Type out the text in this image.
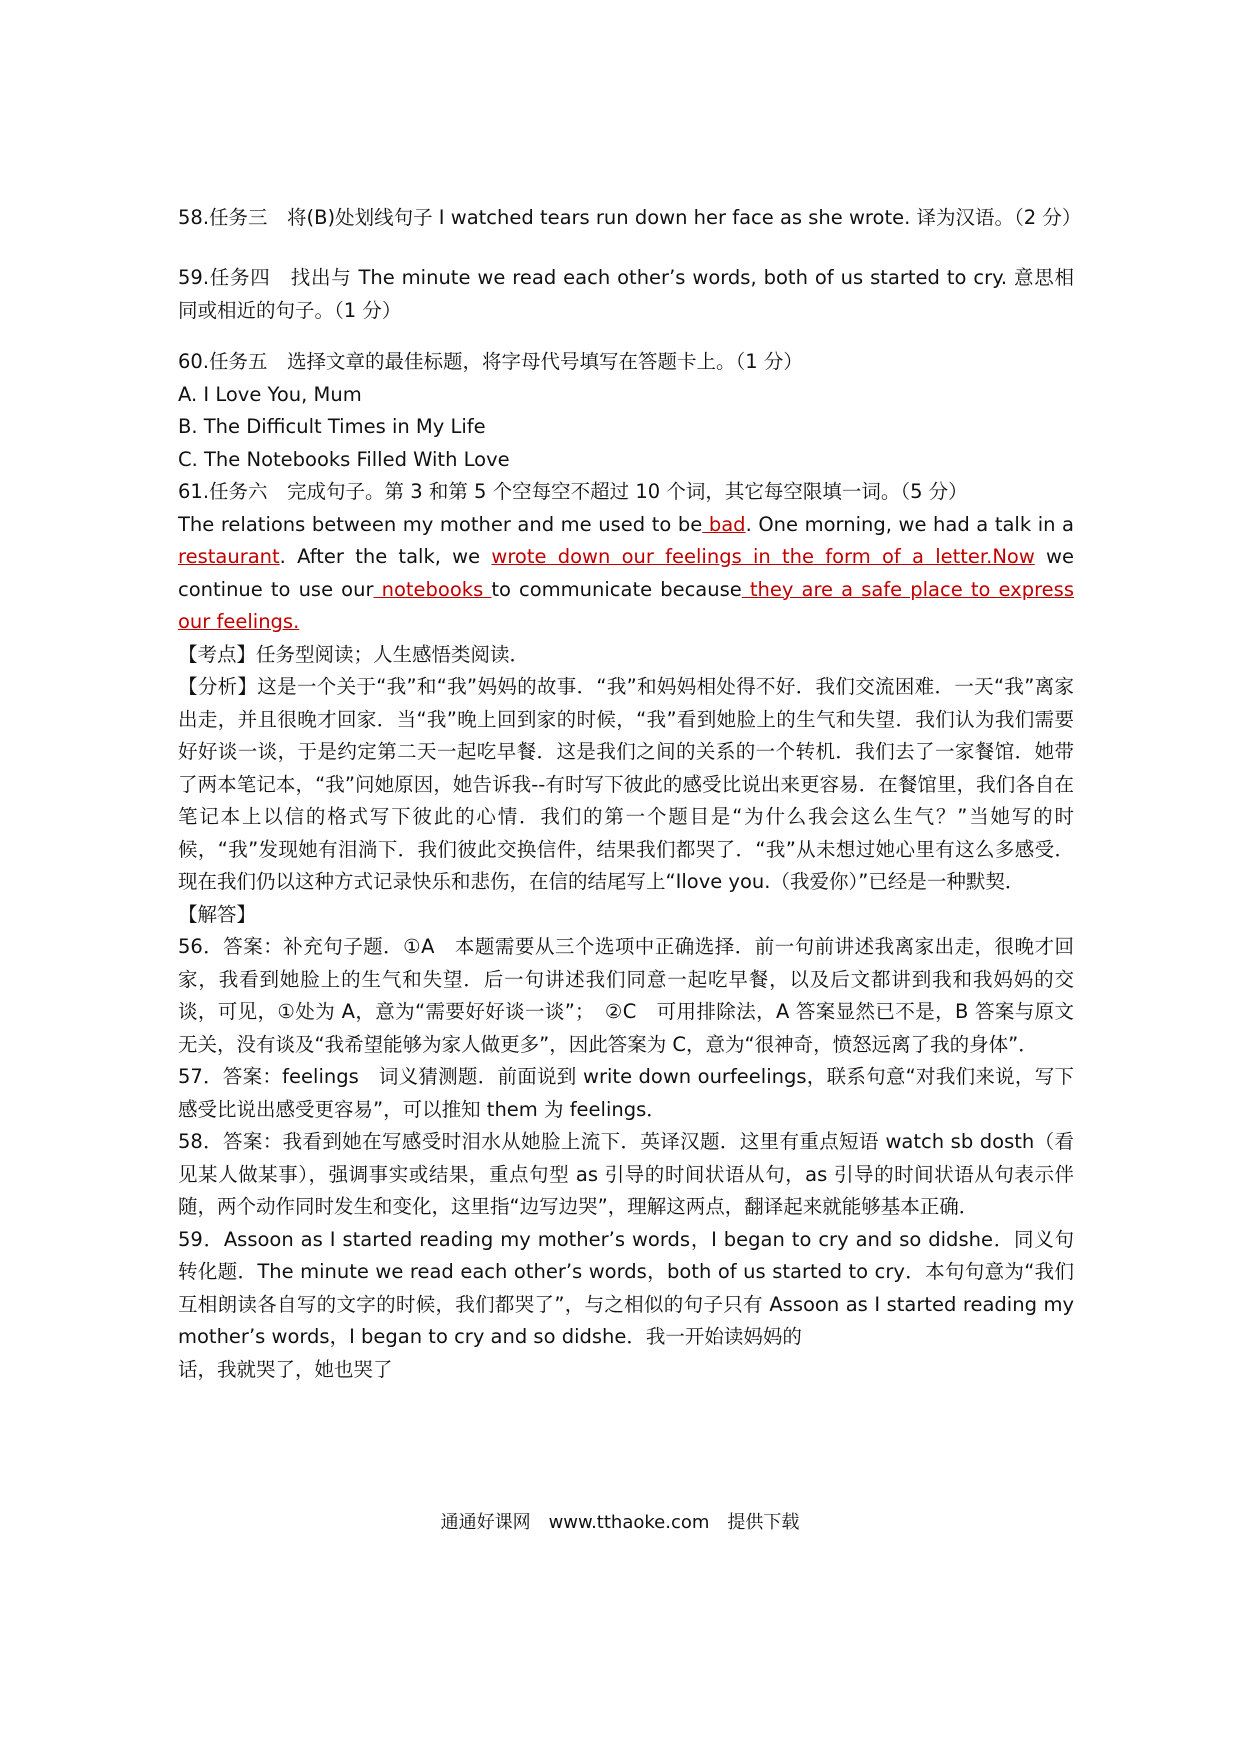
58.任务三　将(B)处划线句子 I watched tears run down her face as she wrote. 译为汉语。（2 分）

59.任务四　找出与 The minute we read each other’s words, both of us started to cry. 意思相同或相近的句子。（1 分）

60.任务五　选择文章的最佳标题，将字母代号填写在答题卡上。（1 分）

A. I Love You, Mum

B. The Difficult Times in My Life

C. The Notebooks Filled With Love

61.任务六　完成句子。第 3 和第 5 个空每空不超过 10 个词，其它每空限填一词。（5 分）

The relations between my mother and me used to be bad. One morning, we had a talk in a restaurant. After the talk, we wrote down our feelings in the form of a letter.Now we continue to use our notebooks to communicate because they are a safe place to express our feelings.

【考点】任务型阅读；人生感悟类阅读．

【分析】这是一个关于“我”和“我”妈妈的故事．“我”和妈妈相处得不好．我们交流困难．一天“我”离家出走，并且很晚才回家．当“我”晚上回到家的时候，“我”看到她脸上的生气和失望．我们认为我们需要好好谈一谈，于是约定第二天一起吃早餐．这是我们之间的关系的一个转机．我们去了一家餐馆．她带了两本笔记本，“我”问她原因，她告诉我--有时写下彼此的感受比说出来更容易．在餐馆里，我们各自在笔记本上以信的格式写下彼此的心情．我们的第一个题目是“为什么我会这么生气？”当她写的时候，“我”发现她有泪淌下．我们彼此交换信件，结果我们都哭了．“我”从未想过她心里有这么多感受．现在我们仍以这种方式记录快乐和悲伤，在信的结尾写上“Ilove you.（我爱你）”已经是一种默契．

【解答】

56．答案：补充句子题．①A　本题需要从三个选项中正确选择．前一句前讲述我离家出走，很晚才回家，我看到她脸上的生气和失望．后一句讲述我们同意一起吃早餐，以及后文都讲到我和我妈妈的交谈，可见，①处为 A，意为“需要好好谈一谈”；　②C　可用排除法，A 答案显然已不是，B 答案与原文无关，没有谈及“我希望能够为家人做更多”，因此答案为 C，意为“很神奇，愤怒远离了我的身体”．

57．答案：feelings　词义猜测题．前面说到 write down ourfeelings，联系句意“对我们来说，写下感受比说出感受更容易”，可以推知 them 为 feelings．

58．答案：我看到她在写感受时泪水从她脸上流下．英译汉题．这里有重点短语 watch sb dosth（看见某人做某事），强调事实或结果，重点句型 as 引导的时间状语从句，as 引导的时间状语从句表示伴随，两个动作同时发生和变化，这里指“边写边哭”，理解这两点，翻译起来就能够基本正确．

59．Assoon as I started reading my mother’s words，I began to cry and so didshe．同义句转化题．The minute we read each other’s words，both of us started to cry．本句句意为“我们互相朗读各自写的文字的时候，我们都哭了”，与之相似的句子只有 Assoon as I started reading my mother’s words，I began to cry and so didshe．我一开始读妈妈的

话，我就哭了，她也哭了

通通好课网　www.tthaoke.com　提供下载
